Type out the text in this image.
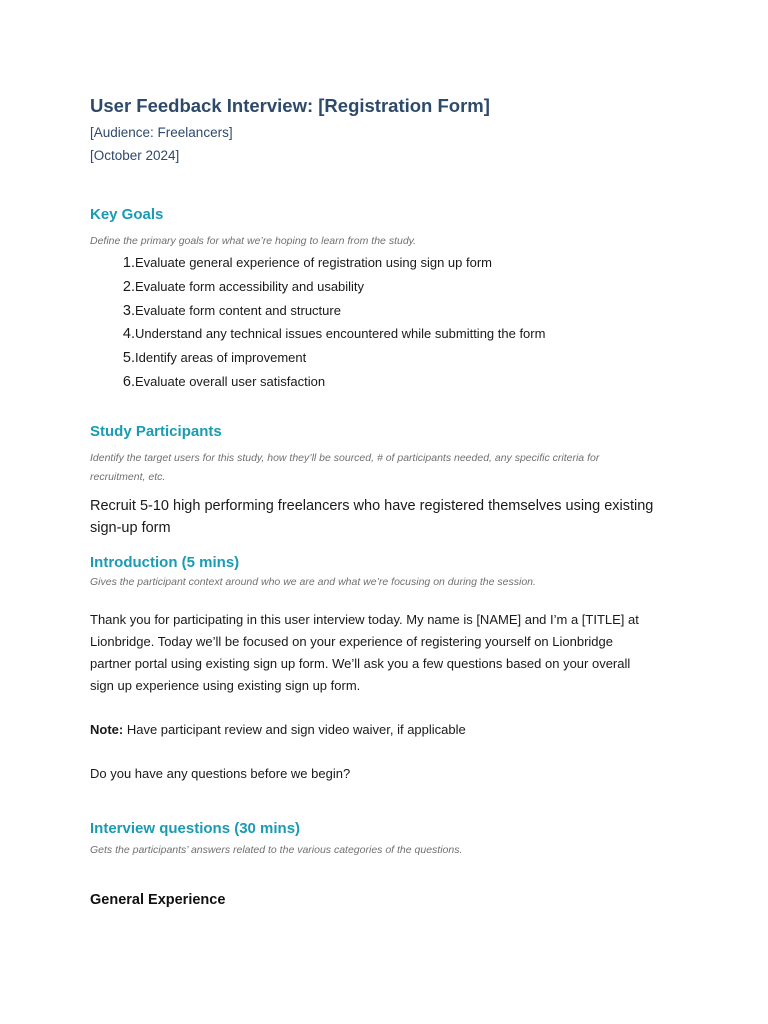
User Feedback Interview: [Registration Form]

[Audience: Freelancers]

[October 2024]

Key Goals

Define the primary goals for what we’re hoping to learn from the study.

1. Evaluate general experience of registration using sign up form
2. Evaluate form accessibility and usability
3. Evaluate form content and structure
4. Understand any technical issues encountered while submitting the form
5. Identify areas of improvement
6. Evaluate overall user satisfaction
Study Participants

Identify the target users for this study, how they’ll be sourced, # of participants needed, any specific criteria for

recruitment, etc.

Recruit 5-10 high performing freelancers who have registered themselves using existing

sign-up form

Introduction (5 mins)

Gives the participant context around who we are and what we’re focusing on during the session.

Thank you for participating in this user interview today. My name is [NAME] and I’m a [TITLE] at

Lionbridge. Today we’ll be focused on your experience of registering yourself on Lionbridge

partner portal using existing sign up form. We’ll ask you a few questions based on your overall

sign up experience using existing sign up form.

Note: Have participant review and sign video waiver, if applicable

Do you have any questions before we begin?

Interview questions (30 mins)

Gets the participants’ answers related to the various categories of the questions.

General Experience
